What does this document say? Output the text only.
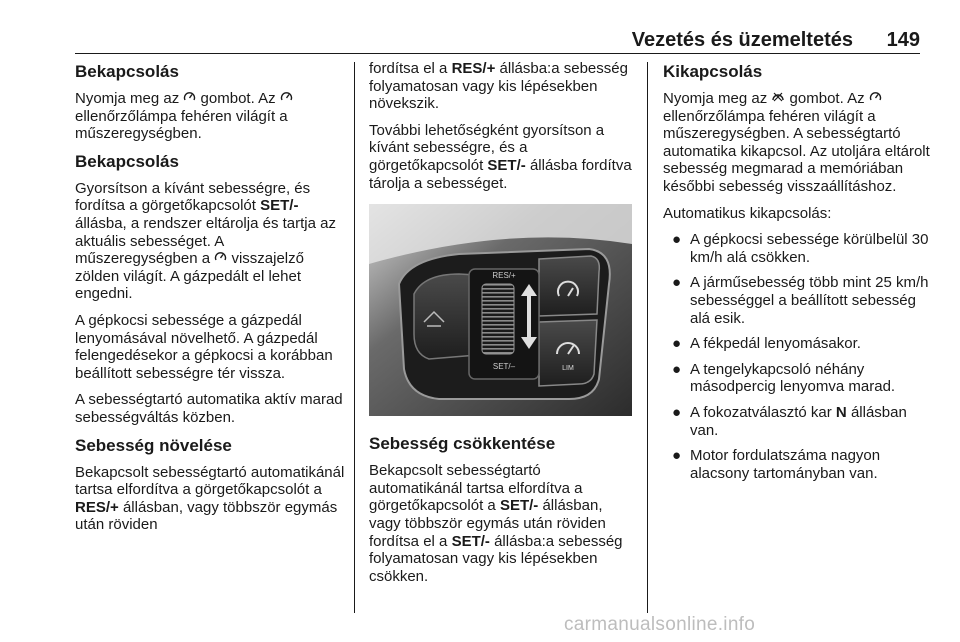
Vezetés és üzemeltetés 149
Bekapcsolás

Nyomja meg az gombot. Az  ellenőrzőlámpa fehéren világít a műszeregységben.

Bekapcsolás

Gyorsítson a kívánt sebességre, és fordítsa a görgetőkapcsolót SET/- állásba, a rendszer eltárolja és tartja az aktuális sebességet. A műszeregységben a visszajelző zölden világít. A gázpedált el lehet engedni.

A gépkocsi sebessége a gázpedál lenyomásával növelhető. A gázpedál felengedésekor a gépkocsi a korábban beállított sebességre tér vissza.

A sebességtartó automatika aktív marad sebességváltás közben.

Sebesség növelése

Bekapcsolt sebességtartó automatikánál tartsa elfordítva a görgetőkapcsolót a RES/+ állásban, vagy többször egymás után röviden

fordítsa el a RES/+ állásba:a sebesség folyamatosan vagy kis lépésekben növekszik.

További lehetőségként gyorsítson a kívánt sebességre, és a görgetőkapcsolót SET/- állásba fordítva tárolja a sebességet.

LIM
RES/+
SET/–
Sebesség csökkentése

Bekapcsolt sebességtartó automatikánál tartsa elfordítva a görgetőkapcsolót a SET/- állásban, vagy többször egymás után röviden fordítsa el a SET/- állásba:a sebesség folyamatosan vagy kis lépésekben csökken.

Kikapcsolás

Nyomja meg az gombot. Az  ellenőrzőlámpa fehéren világít a műszeregységben. A sebességtartó automatika kikapcsol. Az utoljára eltárolt sebesség megmarad a memóriában későbbi sebesség visszaállításhoz.

Automatikus kikapcsolás:

● A gépkocsi sebessége körülbelül 30 km/h alá csökken.
● A járműsebesség több mint 25 km/h sebességgel a beállított sebesség alá esik.
● A fékpedál lenyomásakor.
● A tengelykapcsoló néhány másodpercig lenyomva marad.
● A fokozatválasztó kar N állásban van.
● Motor fordulatszáma nagyon alacsony tartományban van.
carmanualsonline.info
